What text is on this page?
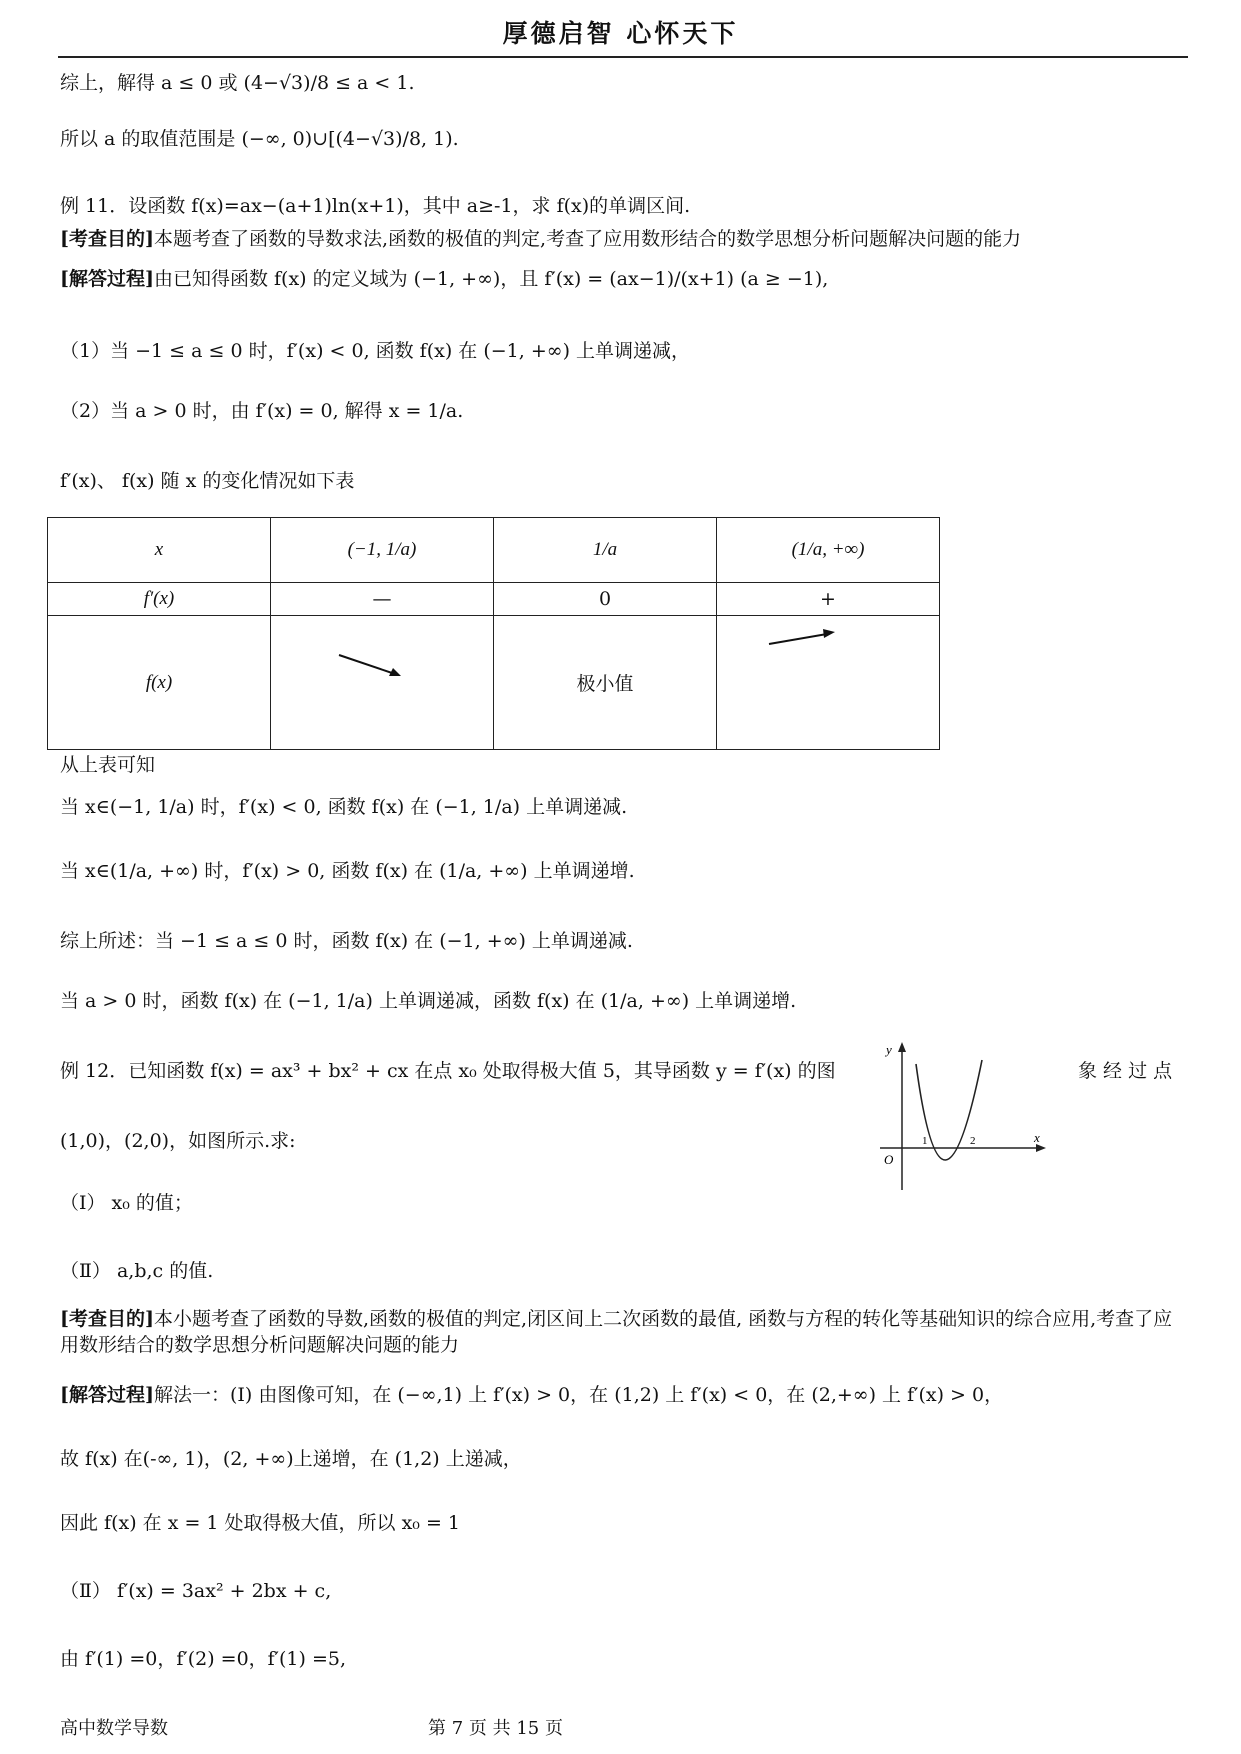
厚德启智 心怀天下
综上，解得 a ≤ 0 或 (4−√3)/8 ≤ a < 1.
所以 a 的取值范围是 (−∞, 0)∪[(4−√3)/8, 1).
例 11．设函数 f(x)=ax−(a+1)ln(x+1)，其中 a≥-1，求 f(x)的单调区间.
[考查目的]本题考查了函数的导数求法,函数的极值的判定,考查了应用数形结合的数学思想分析问题解决问题的能力
[解答过程]由已知得函数 f(x) 的定义域为 (−1, +∞)，且 f′(x) = (ax−1)/(x+1) (a ≥ −1),
（1）当 −1 ≤ a ≤ 0 时，f′(x) < 0, 函数 f(x) 在 (−1, +∞) 上单调递减，
（2）当 a > 0 时，由 f′(x) = 0, 解得 x = 1/a.
f′(x)、 f(x) 随 x 的变化情况如下表
x	(−1, 1/a)	1/a	(1/a, +∞)
f′(x)	—	0	+
f(x)		极小值	
从上表可知
当 x∈(−1, 1/a) 时，f′(x) < 0, 函数 f(x) 在 (−1, 1/a) 上单调递减.
当 x∈(1/a, +∞) 时，f′(x) > 0, 函数 f(x) 在 (1/a, +∞) 上单调递增.
综上所述：当 −1 ≤ a ≤ 0 时，函数 f(x) 在 (−1, +∞) 上单调递减.
当 a > 0 时，函数 f(x) 在 (−1, 1/a) 上单调递减，函数 f(x) 在 (1/a, +∞) 上单调递增.
例 12．已知函数 f(x) = ax³ + bx² + cx 在点 x₀ 处取得极大值 5，其导函数 y = f′(x) 的图	象 经 过 点
(1,0)，(2,0)，如图所示.求:
（Ⅰ） x₀ 的值；
（Ⅱ） a,b,c 的值.
[考查目的]本小题考查了函数的导数,函数的极值的判定,闭区间上二次函数的最值, 函数与方程的转化等基础知识的综合应用,考查了应用数形结合的数学思想分析问题解决问题的能力
[解答过程]解法一：(Ⅰ) 由图像可知，在 (−∞,1) 上 f′(x) > 0，在 (1,2) 上 f′(x) < 0，在 (2,+∞) 上 f′(x) > 0，
故 f(x) 在(-∞, 1)，(2, +∞)上递增，在 (1,2) 上递减，
因此 f(x) 在 x = 1 处取得极大值，所以 x₀ = 1
（Ⅱ） f′(x) = 3ax² + 2bx + c,
由 f′(1) =0，f′(2) =0，f′(1) =5,
y
x
O
1	2
高中数学导数	第 7 页 共 15 页
